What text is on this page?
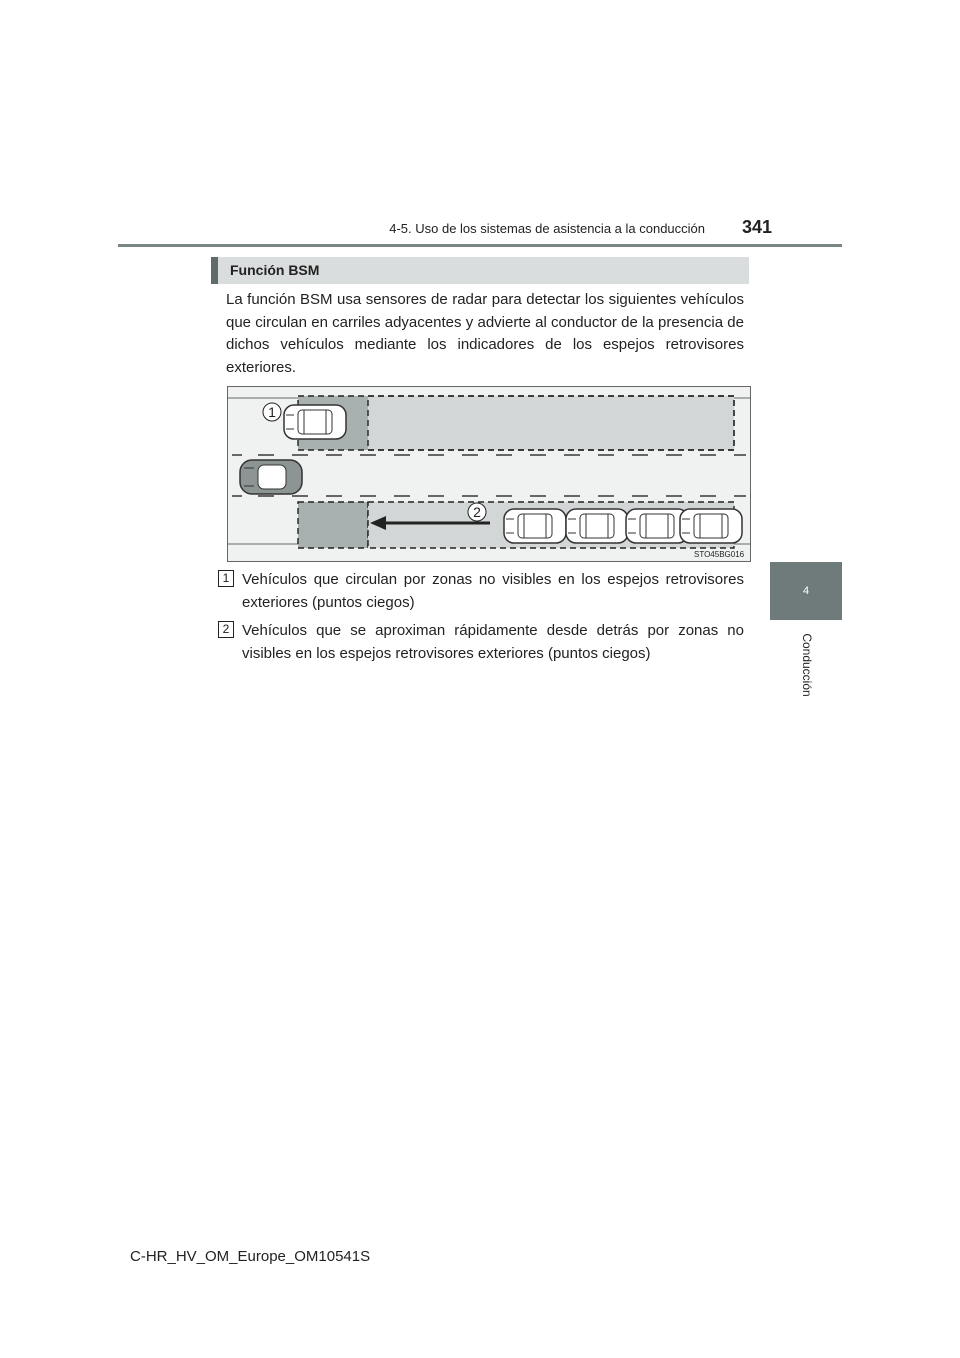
4-5. Uso de los sistemas de asistencia a la conducción 341
4
Conducción
Función BSM
La función BSM usa sensores de radar para detectar los siguientes vehículos que circulan en carriles adyacentes y advierte al conductor de la presencia de dichos vehículos mediante los indicadores de los espejos retrovisores exteriores.
1
2
STO45BG016
1 Vehículos que circulan por zonas no visibles en los espejos retrovisores exteriores (puntos ciegos)
2 Vehículos que se aproximan rápidamente desde detrás por zonas no visibles en los espejos retrovisores exteriores (puntos ciegos)
C-HR_HV_OM_Europe_OM10541S
